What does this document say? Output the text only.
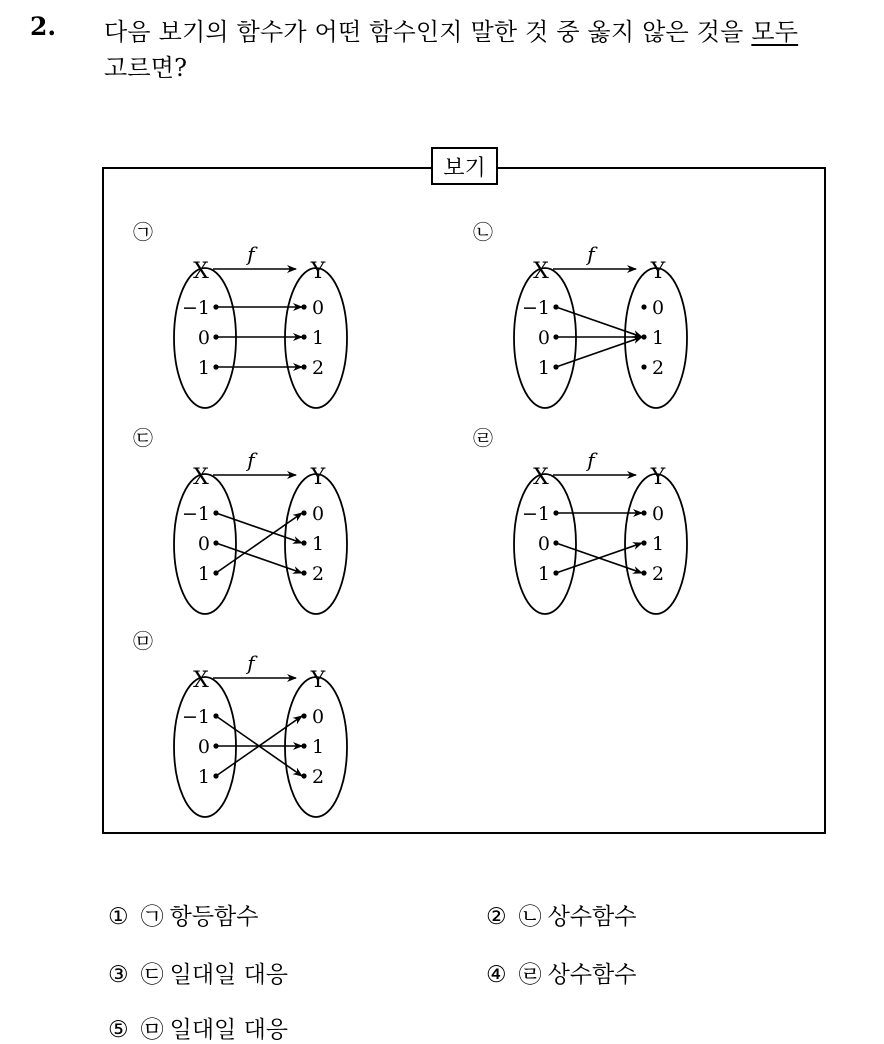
2. 다음 보기의 함수가 어떤 함수인지 말한 것 중 옳지 않은 것을 모두
고르면?
보기
㉠
X	Y
f
−1
0
1
0
1
2
㉡
X	Y
f
−1
0
1
0
1
2
㉢
X	Y
f
−1
0
1
0
1
2
㉣
X	Y
f
−1
0
1
0
1
2
㉤
X	Y
f
−1
0
1
0
1
2
① ㉠ 항등함수	② ㉡ 상수함수
③ ㉢ 일대일 대응	④ ㉣ 상수함수
⑤ ㉤ 일대일 대응
